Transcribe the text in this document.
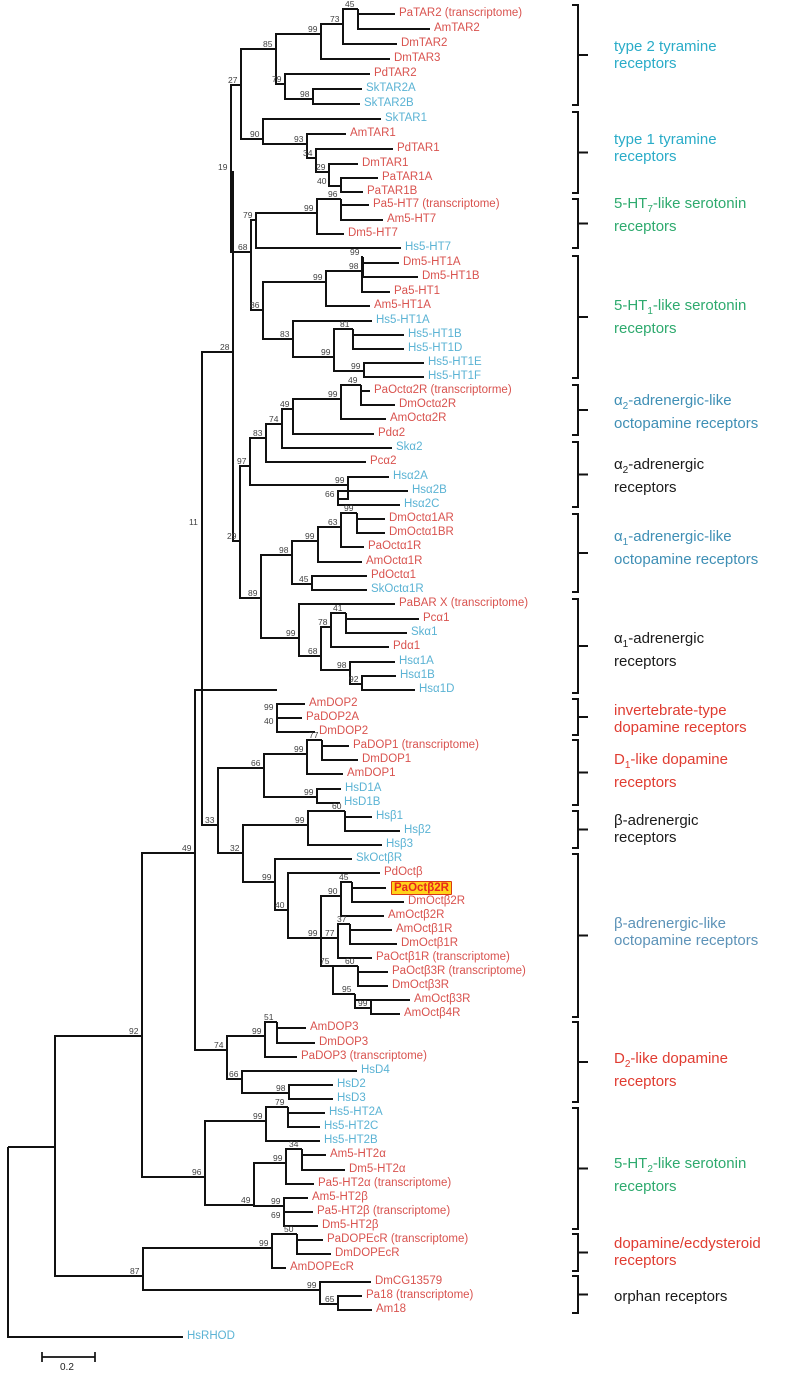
PaTAR2 (transcriptome)
AmTAR2
DmTAR2
DmTAR3
PdTAR2
SkTAR2A
SkTAR2B
SkTAR1
AmTAR1
PdTAR1
DmTAR1
PaTAR1A
PaTAR1B
Pa5-HT7 (transcriptome)
Am5-HT7
Dm5-HT7
Hs5-HT7
Dm5-HT1A
Dm5-HT1B
Pa5-HT1
Am5-HT1A
Hs5-HT1A
Hs5-HT1B
Hs5-HT1D
Hs5-HT1E
Hs5-HT1F
PaOctα2R (transcriptorme)
DmOctα2R
AmOctα2R
Pdα2
Skα2
Pcα2
Hsα2A
Hsα2B
Hsα2C
DmOctα1AR
DmOctα1BR
PaOctα1R
AmOctα1R
PdOctα1
SkOctα1R
PaBAR X (transcriptome)
Pcα1
Skα1
Pdα1
Hsα1A
Hsα1B
Hsα1D
AmDOP2
PaDOP2A
DmDOP2
PaDOP1 (transcriptome)
DmDOP1
AmDOP1
HsD1A
HsD1B
Hsβ1
Hsβ2
Hsβ3
SkOctβR
PdOctβ
PaOctβ2R
DmOctβ2R
AmOctβ2R
AmOctβ1R
DmOctβ1R
PaOctβ1R (transcriptome)
PaOctβ3R (transcriptome)
DmOctβ3R
AmOctβ3R
AmOctβ4R
AmDOP3
DmDOP3
PaDOP3 (transcriptome)
HsD4
HsD2
HsD3
Hs5-HT2A
Hs5-HT2C
Hs5-HT2B
Am5-HT2α
Dm5-HT2α
Pa5-HT2α (transcriptome)
Am5-HT2β
Pa5-HT2β (transcriptome)
Dm5-HT2β
PaDOPEcR (transcriptome)
DmDOPEcR
AmDOPEcR
DmCG13579
Pa18 (transcriptome)
Am18
HsRHOD
45
73
99
85
79
98
27
90	93
34
29
40
19
96
99
79
68	99
98
99
86
83
81
99
99
28
49
99
49
74
83
97
99
66
99
63
99
98
45
29
89
41
78
99
68
98
92
11
99
40
77
99
66
99
60
99
33
32
99	45
90
40
99
37
77
75 60
95
99
49
51
99
74
66
98
92
79
99
34
99
49 99
69
96
50
99
87
99
65
type 2 tyramine
receptors
type 1 tyramine
receptors
$5-HT_7$-like serotonin
receptors
$5-HT_1$-like serotonin
receptors
$\alpha_2-adrenergic$-like
octopamine receptors
$\alpha_2$-adrenergic
receptors
$\alpha_1-adrenergic$-like
octopamine receptors
$\alpha_1$-adrenergic
receptors
invertebrate-type
dopamine receptors
$D_1$-like dopamine
receptors
β-adrenergic
receptors
β-adrenergic-like
octopamine receptors
$D_2$-like dopamine
receptors
$5-HT_2$-like serotonin
receptors
dopamine/ecdysteroid
receptors
orphan receptors
0.2
